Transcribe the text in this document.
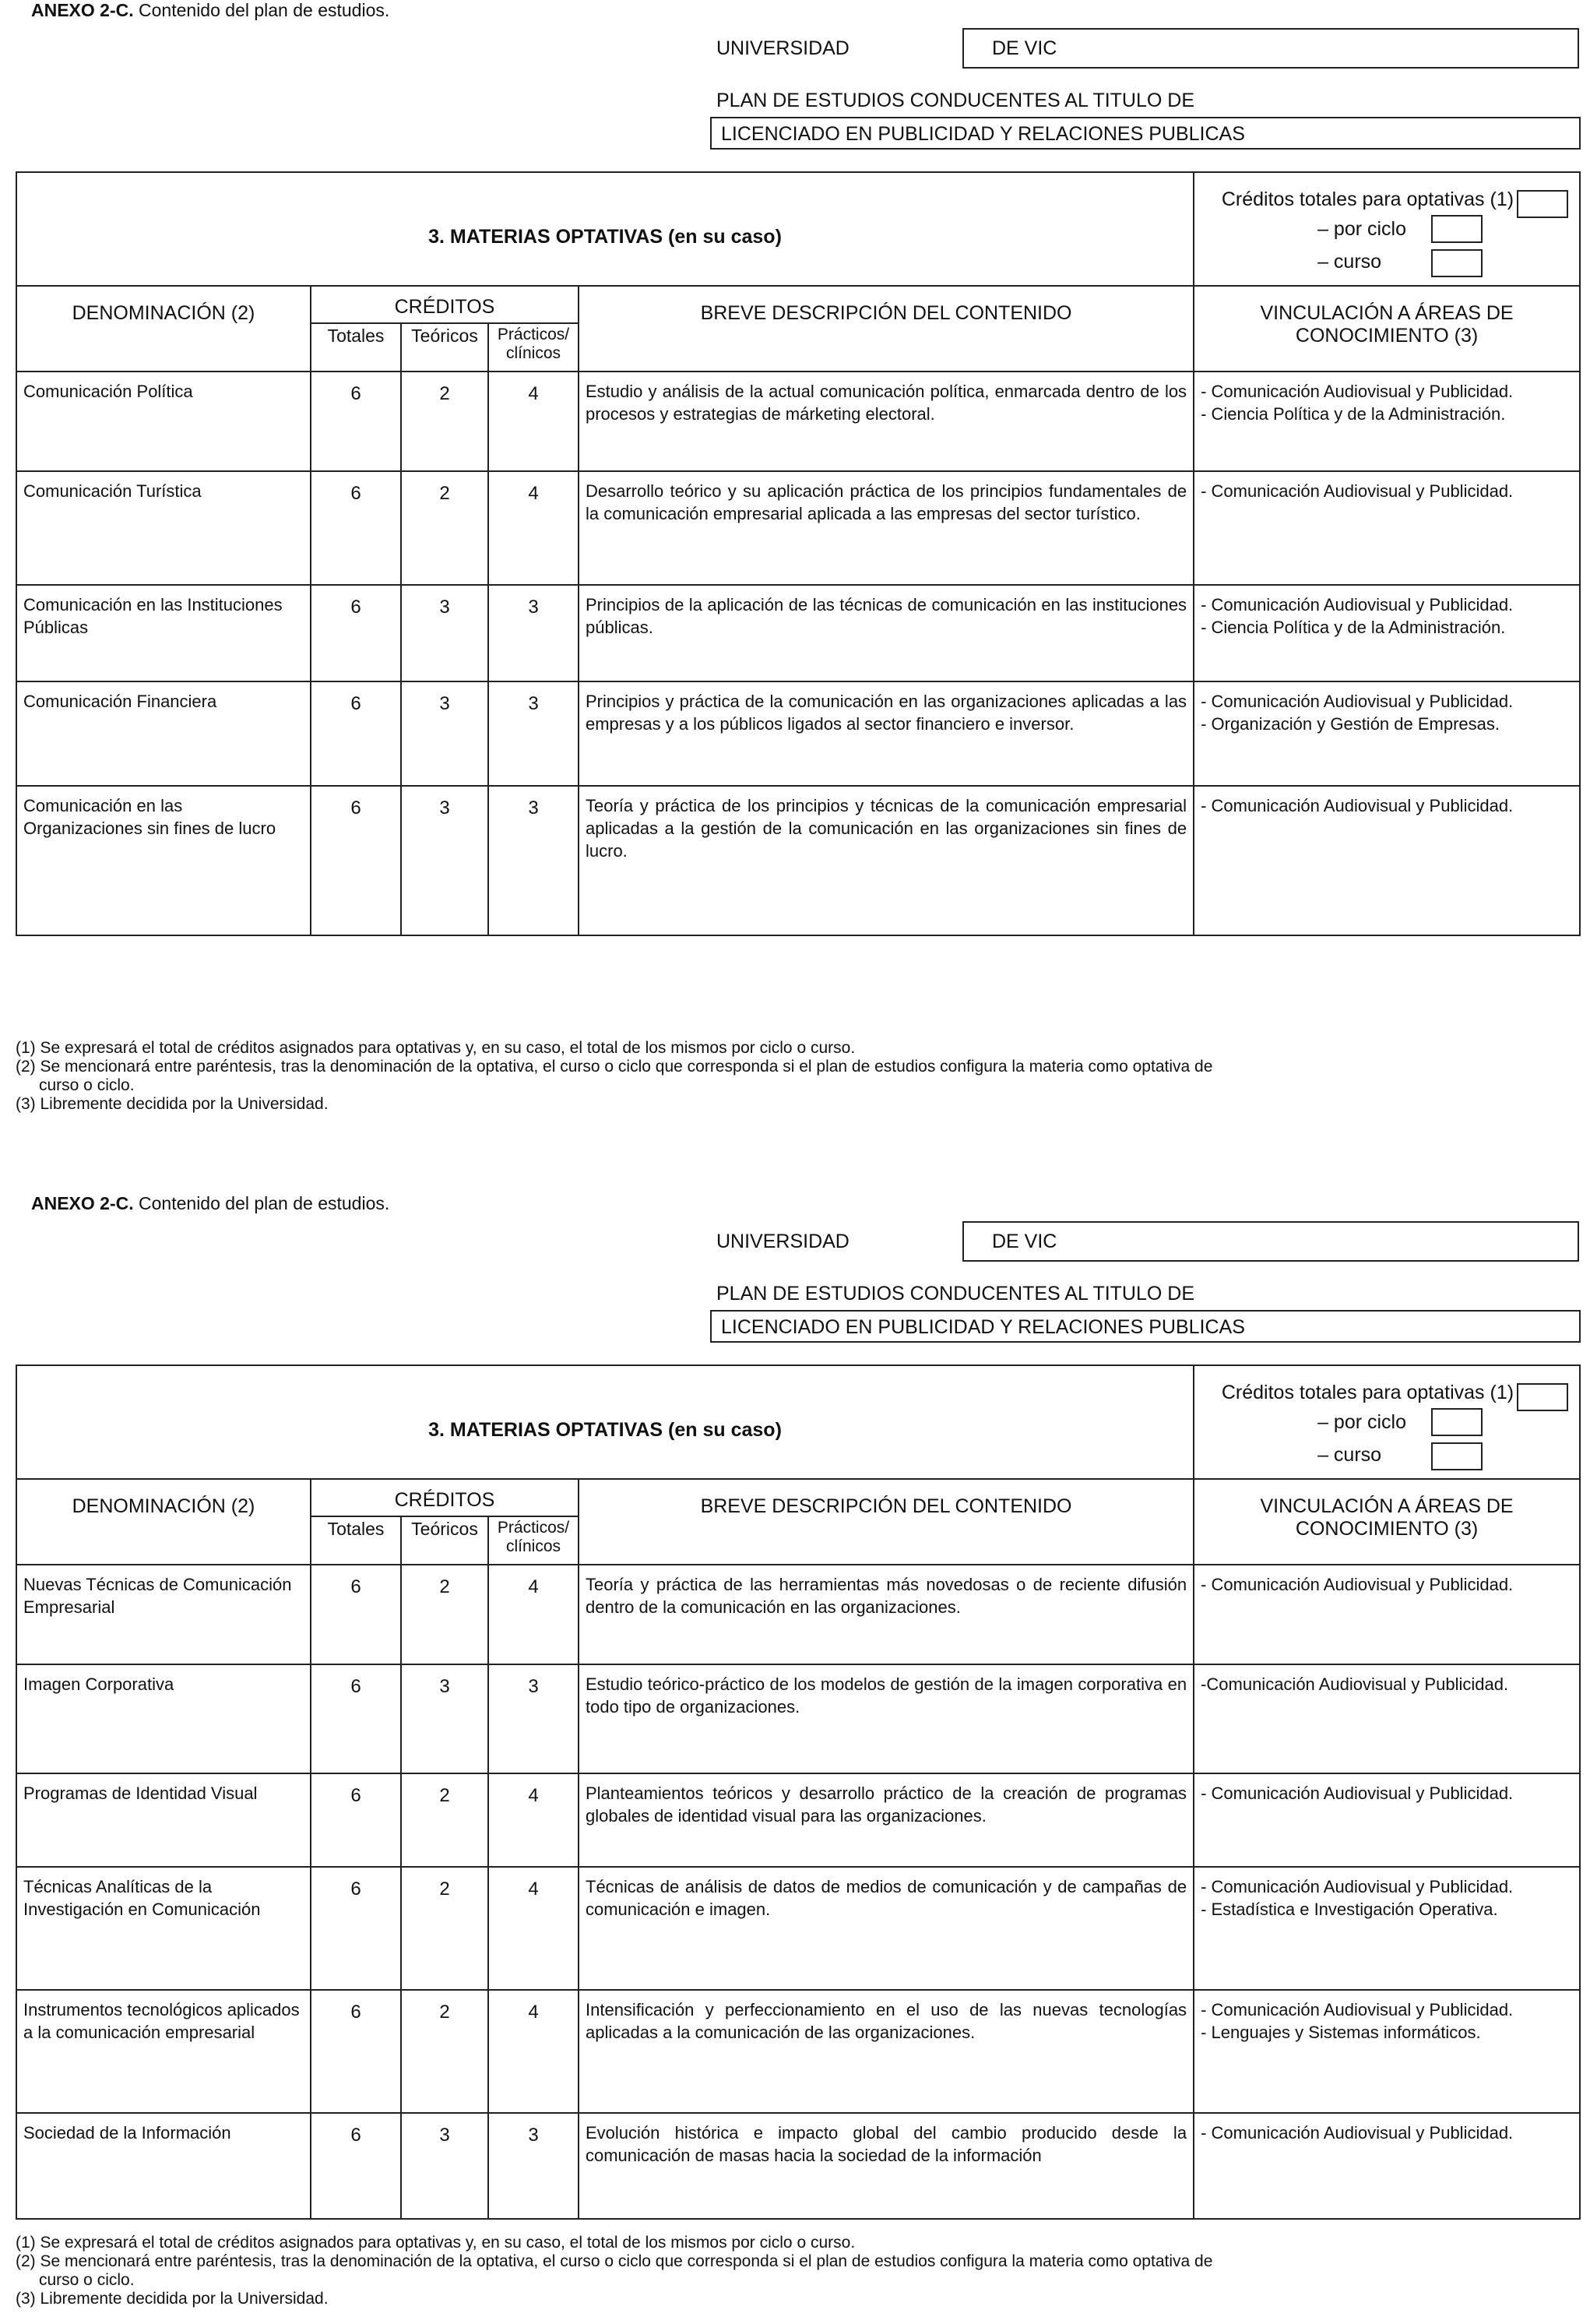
ANEXO 2-C. Contenido del plan de estudios.
UNIVERSIDAD	DE VIC
PLAN DE ESTUDIOS CONDUCENTES AL TITULO DE
LICENCIADO EN PUBLICIDAD Y RELACIONES PUBLICAS
3. MATERIAS OPTATIVAS (en su caso)					Créditos totales para optativas (1)
– por ciclo
– curso

DENOMINACIÓN (2)	CRÉDITOS			BREVE DESCRIPCIÓN DEL CONTENIDO	VINCULACIÓN A ÁREAS DE CONOCIMIENTO (3)
	Totales	Teóricos	Prácticos/ clínicos		
Comunicación Política	6	2	4	Estudio y análisis de la actual comunicación política, enmarcada dentro de los procesos y estrategias de márketing electoral.	- Comunicación Audiovisual y Publicidad.
- Ciencia Política y de la Administración.

Comunicación Turística	6	2	4	Desarrollo teórico y su aplicación práctica de los principios fundamentales de la comunicación empresarial aplicada a las empresas del sector turístico.	- Comunicación Audiovisual y Publicidad.

Comunicación en las Instituciones Públicas	6	3	3	Principios de la aplicación de las técnicas de comunicación en las instituciones públicas.	- Comunicación Audiovisual y Publicidad.
- Ciencia Política y de la Administración.

Comunicación Financiera	6	3	3	Principios y práctica de la comunicación en las organizaciones aplicadas a las empresas y a los públicos ligados al sector financiero e inversor.	- Comunicación Audiovisual y Publicidad.
- Organización y Gestión de Empresas.

Comunicación en las Organizaciones sin fines de lucro	6	3	3	Teoría y práctica de los principios y técnicas de la comunicación empresarial aplicadas a la gestión de la comunicación en las organizaciones sin fines de lucro.	- Comunicación Audiovisual y Publicidad.

(1) Se expresará el total de créditos asignados para optativas y, en su caso, el total de los mismos por ciclo o curso.

(2) Se mencionará entre paréntesis, tras la denominación de la optativa, el curso o ciclo que corresponda si el plan de estudios configura la materia como optativa de

curso o ciclo.

(3) Libremente decidida por la Universidad.

ANEXO 2-C. Contenido del plan de estudios.
UNIVERSIDAD	DE VIC
PLAN DE ESTUDIOS CONDUCENTES AL TITULO DE
LICENCIADO EN PUBLICIDAD Y RELACIONES PUBLICAS
3. MATERIAS OPTATIVAS (en su caso)					Créditos totales para optativas (1)
– por ciclo
– curso

DENOMINACIÓN (2)	CRÉDITOS			BREVE DESCRIPCIÓN DEL CONTENIDO	VINCULACIÓN A ÁREAS DE CONOCIMIENTO (3)
	Totales	Teóricos	Prácticos/ clínicos		
Nuevas Técnicas de Comunicación Empresarial	6	2	4	Teoría y práctica de las herramientas más novedosas o de reciente difusión dentro de la comunicación en las organizaciones.	- Comunicación Audiovisual y Publicidad.

Imagen Corporativa	6	3	3	Estudio teórico-práctico de los modelos de gestión de la imagen corporativa en todo tipo de organizaciones.	-Comunicación Audiovisual y Publicidad.

Programas de Identidad Visual	6	2	4	Planteamientos teóricos y desarrollo práctico de la creación de programas globales de identidad visual para las organizaciones.	- Comunicación Audiovisual y Publicidad.

Técnicas Analíticas de la Investigación en Comunicación	6	2	4	Técnicas de análisis de datos de medios de comunicación y de campañas de comunicación e imagen.	- Comunicación Audiovisual y Publicidad.
- Estadística e Investigación Operativa.

Instrumentos tecnológicos aplicados a la comunicación empresarial	6	2	4	Intensificación y perfeccionamiento en el uso de las nuevas tecnologías aplicadas a la comunicación de las organizaciones.	- Comunicación Audiovisual y Publicidad.
- Lenguajes y Sistemas informáticos.

Sociedad de la Información	6	3	3	Evolución histórica e impacto global del cambio producido desde la comunicación de masas hacia la sociedad de la información	- Comunicación Audiovisual y Publicidad.

(1) Se expresará el total de créditos asignados para optativas y, en su caso, el total de los mismos por ciclo o curso.

(2) Se mencionará entre paréntesis, tras la denominación de la optativa, el curso o ciclo que corresponda si el plan de estudios configura la materia como optativa de

curso o ciclo.

(3) Libremente decidida por la Universidad.
